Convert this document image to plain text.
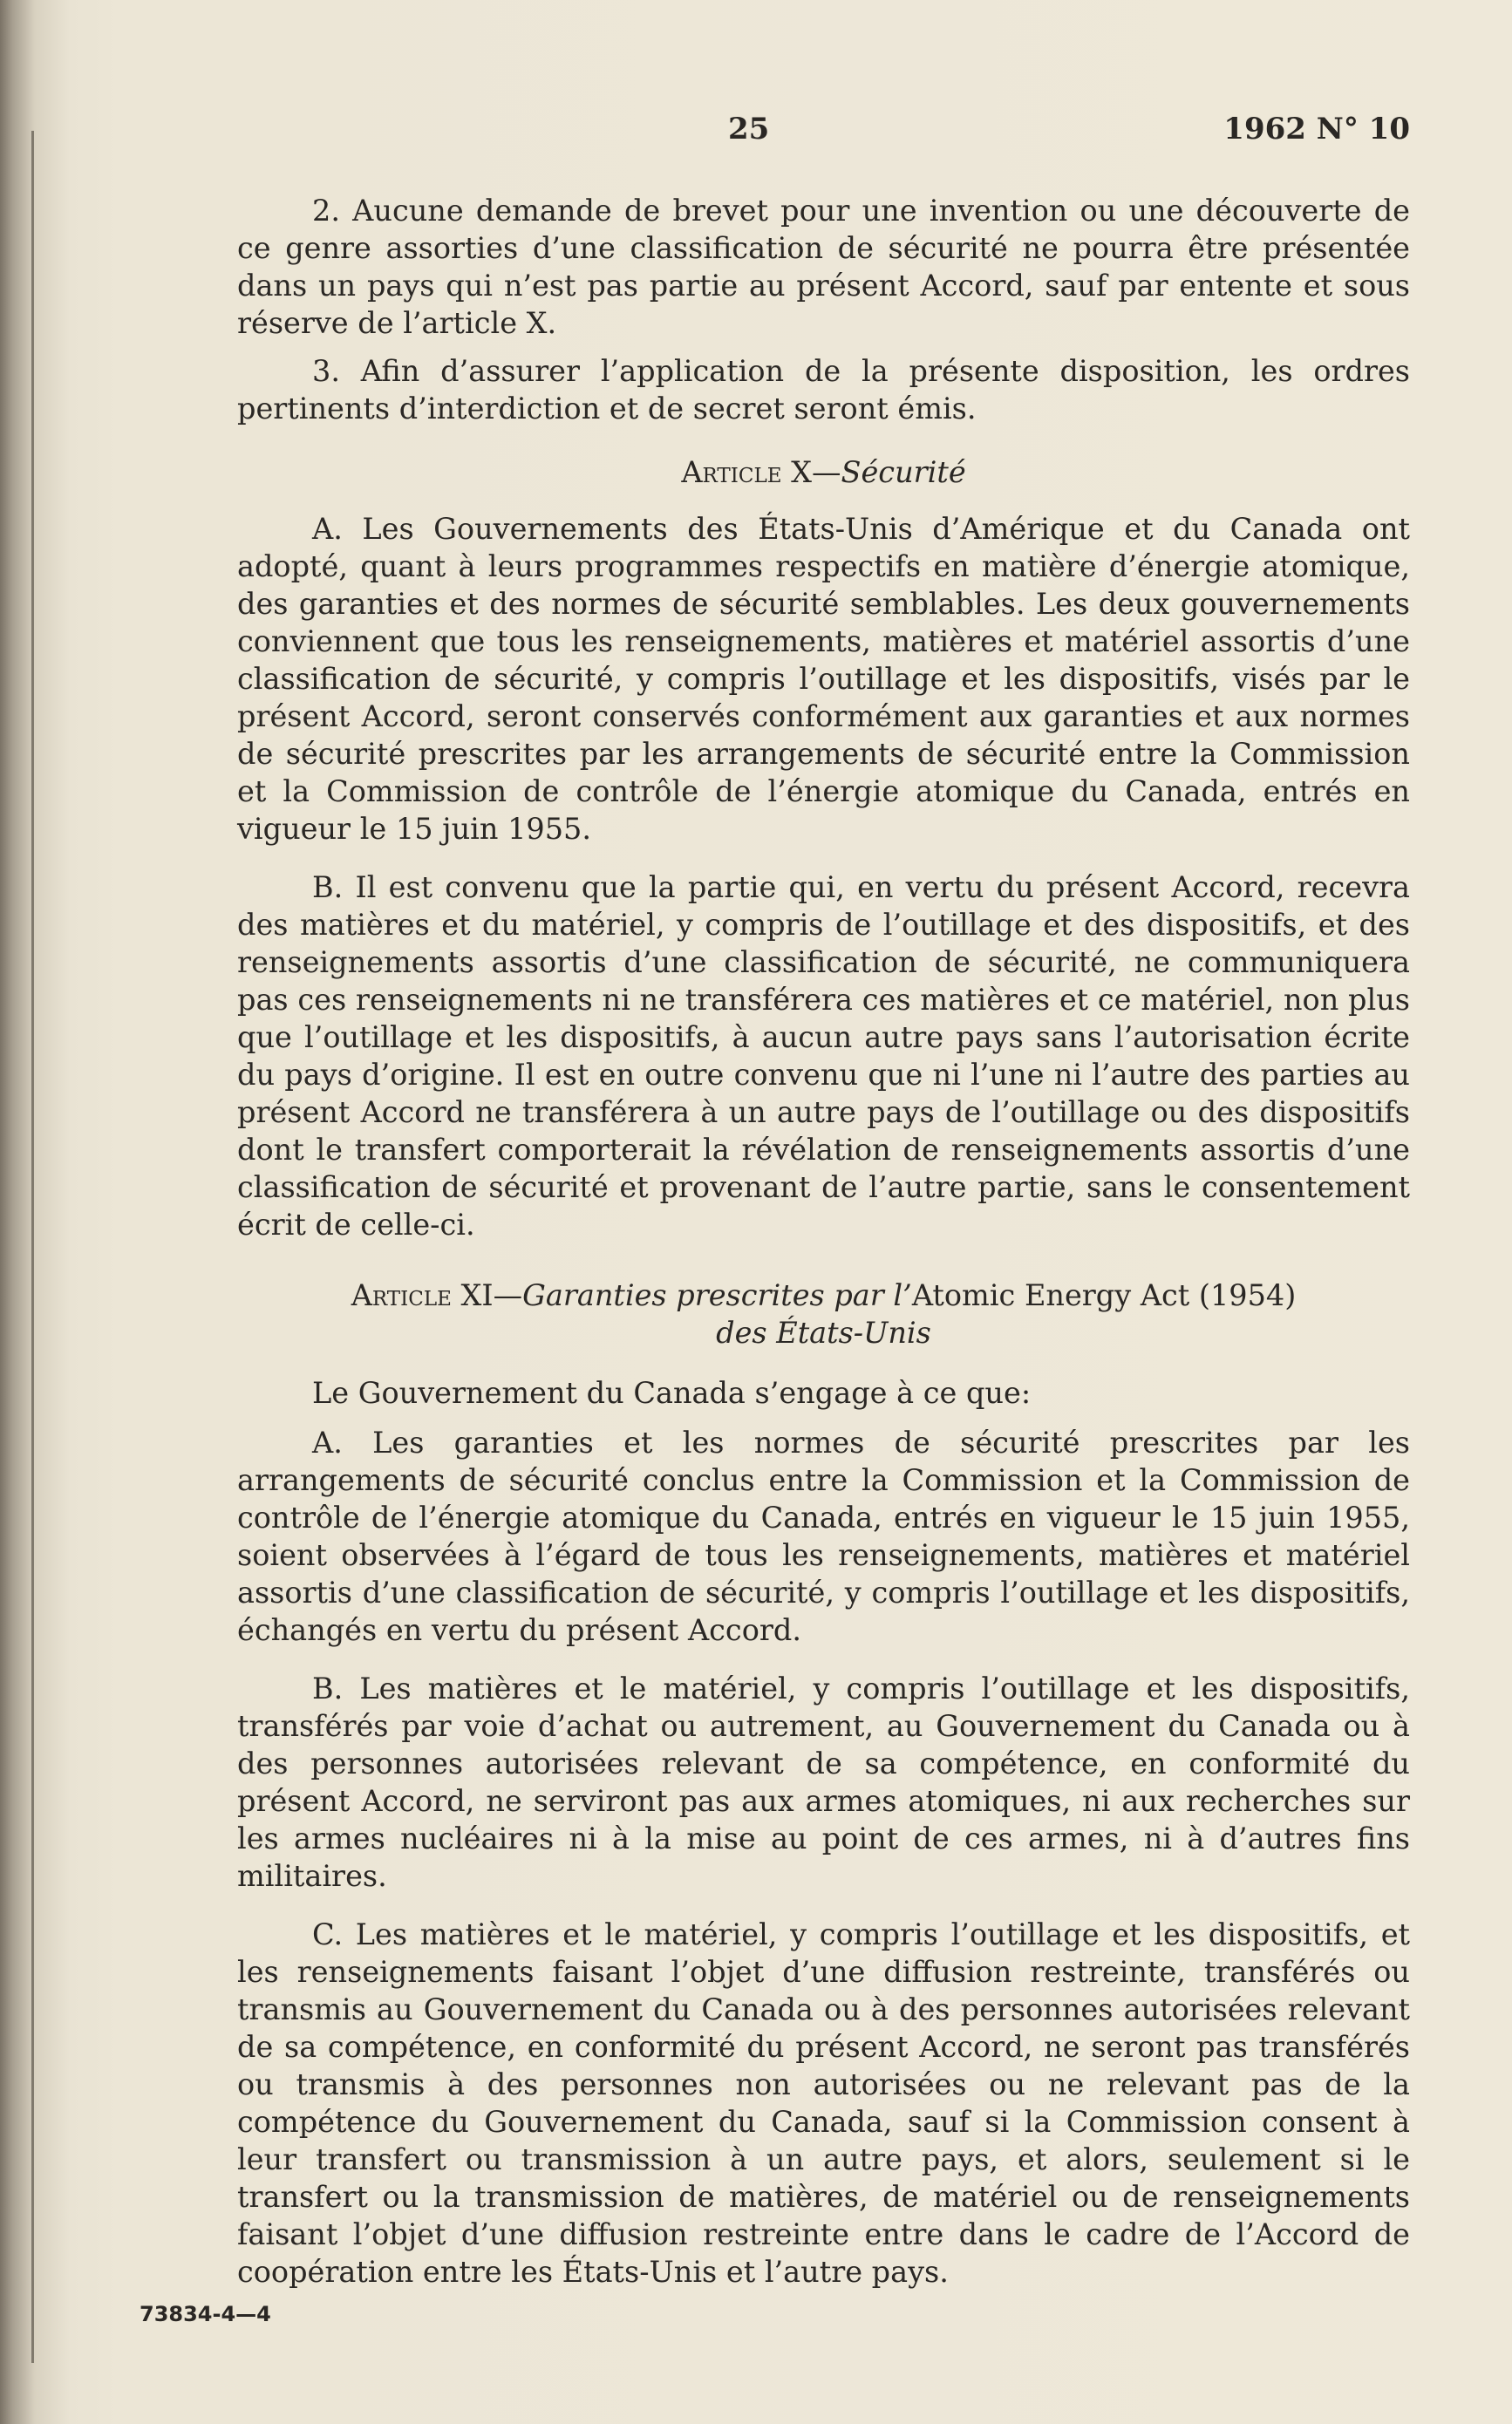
25	1962 N° 10

2. Aucune demande de brevet pour une invention ou une découverte de ce genre assorties d’une classification de sécurité ne pourra être présentée dans un pays qui n’est pas partie au présent Accord, sauf par entente et sous réserve de l’article X.

3. Afin d’assurer l’application de la présente disposition, les ordres pertinents d’interdiction et de secret seront émis.

Article X—Sécurité

A. Les Gouvernements des États-Unis d’Amérique et du Canada ont adopté, quant à leurs programmes respectifs en matière d’énergie atomique, des garanties et des normes de sécurité semblables. Les deux gouvernements conviennent que tous les renseignements, matières et matériel assortis d’une classification de sécurité, y compris l’outillage et les dispositifs, visés par le présent Accord, seront conservés conformément aux garanties et aux normes de sécurité prescrites par les arrangements de sécurité entre la Commission et la Commission de contrôle de l’énergie atomique du Canada, entrés en vigueur le 15 juin 1955.

B. Il est convenu que la partie qui, en vertu du présent Accord, recevra des matières et du matériel, y compris de l’outillage et des dispositifs, et des renseignements assortis d’une classification de sécurité, ne communiquera pas ces renseignements ni ne transférera ces matières et ce matériel, non plus que l’outillage et les dispositifs, à aucun autre pays sans l’autorisation écrite du pays d’origine. Il est en outre convenu que ni l’une ni l’autre des parties au présent Accord ne transférera à un autre pays de l’outillage ou des dispositifs dont le transfert comporterait la révélation de renseignements assortis d’une classification de sécurité et provenant de l’autre partie, sans le consentement écrit de celle-ci.

Article XI—Garanties prescrites par l’Atomic Energy Act (1954)

des États-Unis

Le Gouvernement du Canada s’engage à ce que:

A. Les garanties et les normes de sécurité prescrites par les arrangements de sécurité conclus entre la Commission et la Commission de contrôle de l’énergie atomique du Canada, entrés en vigueur le 15 juin 1955, soient observées à l’égard de tous les renseignements, matières et matériel assortis d’une classification de sécurité, y compris l’outillage et les dispositifs, échangés en vertu du présent Accord.

B. Les matières et le matériel, y compris l’outillage et les dispositifs, transférés par voie d’achat ou autrement, au Gouvernement du Canada ou à des personnes autorisées relevant de sa compétence, en conformité du présent Accord, ne serviront pas aux armes atomiques, ni aux recherches sur les armes nucléaires ni à la mise au point de ces armes, ni à d’autres fins militaires.

C. Les matières et le matériel, y compris l’outillage et les dispositifs, et les renseignements faisant l’objet d’une diffusion restreinte, transférés ou transmis au Gouvernement du Canada ou à des personnes autorisées relevant de sa compétence, en conformité du présent Accord, ne seront pas transférés ou transmis à des personnes non autorisées ou ne relevant pas de la compétence du Gouvernement du Canada, sauf si la Commission consent à leur transfert ou transmission à un autre pays, et alors, seulement si le transfert ou la transmission de matières, de matériel ou de renseignements faisant l’objet d’une diffusion restreinte entre dans le cadre de l’Accord de coopération entre les États-Unis et l’autre pays.

73834-4—4
